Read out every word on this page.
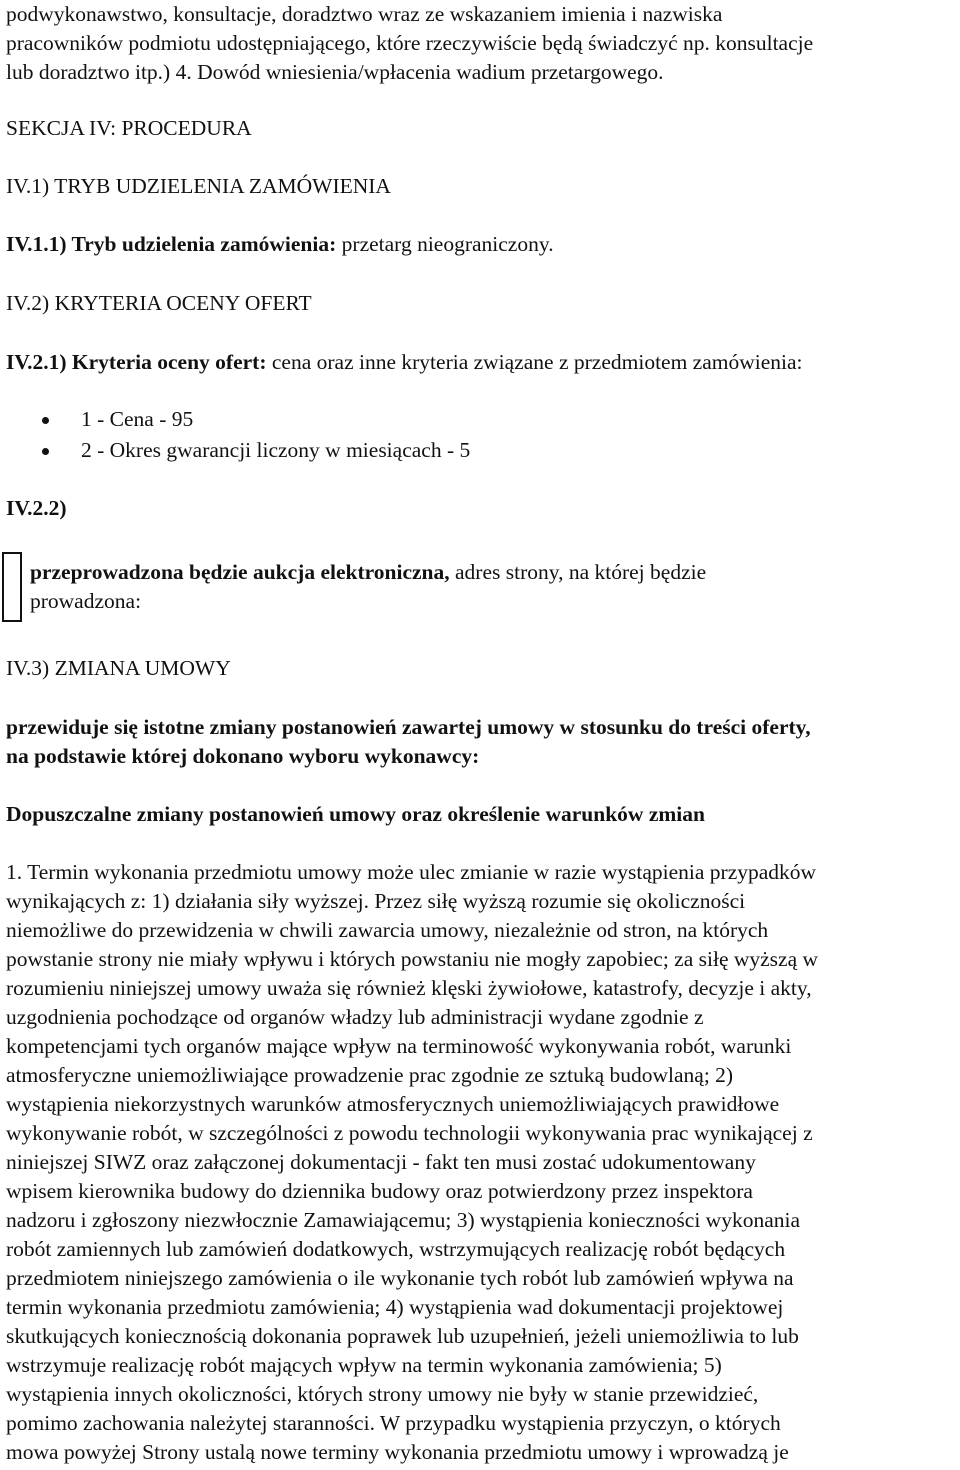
podwykonawstwo, konsultacje, doradztwo wraz ze wskazaniem imienia i nazwiska

pracowników podmiotu udostępniającego, które rzeczywiście będą świadczyć np. konsultacje

lub doradztwo itp.) 4. Dowód wniesienia/wpłacenia wadium przetargowego.

SEKCJA IV: PROCEDURA

IV.1) TRYB UDZIELENIA ZAMÓWIENIA

IV.1.1) Tryb udzielenia zamówienia: przetarg nieograniczony.

IV.2) KRYTERIA OCENY OFERT

IV.2.1) Kryteria oceny ofert: cena oraz inne kryteria związane z przedmiotem zamówienia:

1 - Cena - 95
2 - Okres gwarancji liczony w miesiącach - 5

IV.2.2)

przeprowadzona będzie aukcja elektroniczna, adres strony, na której będzie

prowadzona:

IV.3) ZMIANA UMOWY

przewiduje się istotne zmiany postanowień zawartej umowy w stosunku do treści oferty,

na podstawie której dokonano wyboru wykonawcy:

Dopuszczalne zmiany postanowień umowy oraz określenie warunków zmian

1. Termin wykonania przedmiotu umowy może ulec zmianie w razie wystąpienia przypadków

wynikających z: 1) działania siły wyższej. Przez siłę wyższą rozumie się okoliczności

niemożliwe do przewidzenia w chwili zawarcia umowy, niezależnie od stron, na których

powstanie strony nie miały wpływu i których powstaniu nie mogły zapobiec; za siłę wyższą w

rozumieniu niniejszej umowy uważa się również klęski żywiołowe, katastrofy, decyzje i akty,

uzgodnienia pochodzące od organów władzy lub administracji wydane zgodnie z

kompetencjami tych organów mające wpływ na terminowość wykonywania robót, warunki

atmosferyczne uniemożliwiające prowadzenie prac zgodnie ze sztuką budowlaną; 2)

wystąpienia niekorzystnych warunków atmosferycznych uniemożliwiających prawidłowe

wykonywanie robót, w szczególności z powodu technologii wykonywania prac wynikającej z

niniejszej SIWZ oraz załączonej dokumentacji - fakt ten musi zostać udokumentowany

wpisem kierownika budowy do dziennika budowy oraz potwierdzony przez inspektora

nadzoru i zgłoszony niezwłocznie Zamawiającemu; 3) wystąpienia konieczności wykonania

robót zamiennych lub zamówień dodatkowych, wstrzymujących realizację robót będących

przedmiotem niniejszego zamówienia o ile wykonanie tych robót lub zamówień wpływa na

termin wykonania przedmiotu zamówienia; 4) wystąpienia wad dokumentacji projektowej

skutkujących koniecznością dokonania poprawek lub uzupełnień, jeżeli uniemożliwia to lub

wstrzymuje realizację robót mających wpływ na termin wykonania zamówienia; 5)

wystąpienia innych okoliczności, których strony umowy nie były w stanie przewidzieć,

pomimo zachowania należytej staranności. W przypadku wystąpienia przyczyn, o których

mowa powyżej Strony ustalą nowe terminy wykonania przedmiotu umowy i wprowadzą je
